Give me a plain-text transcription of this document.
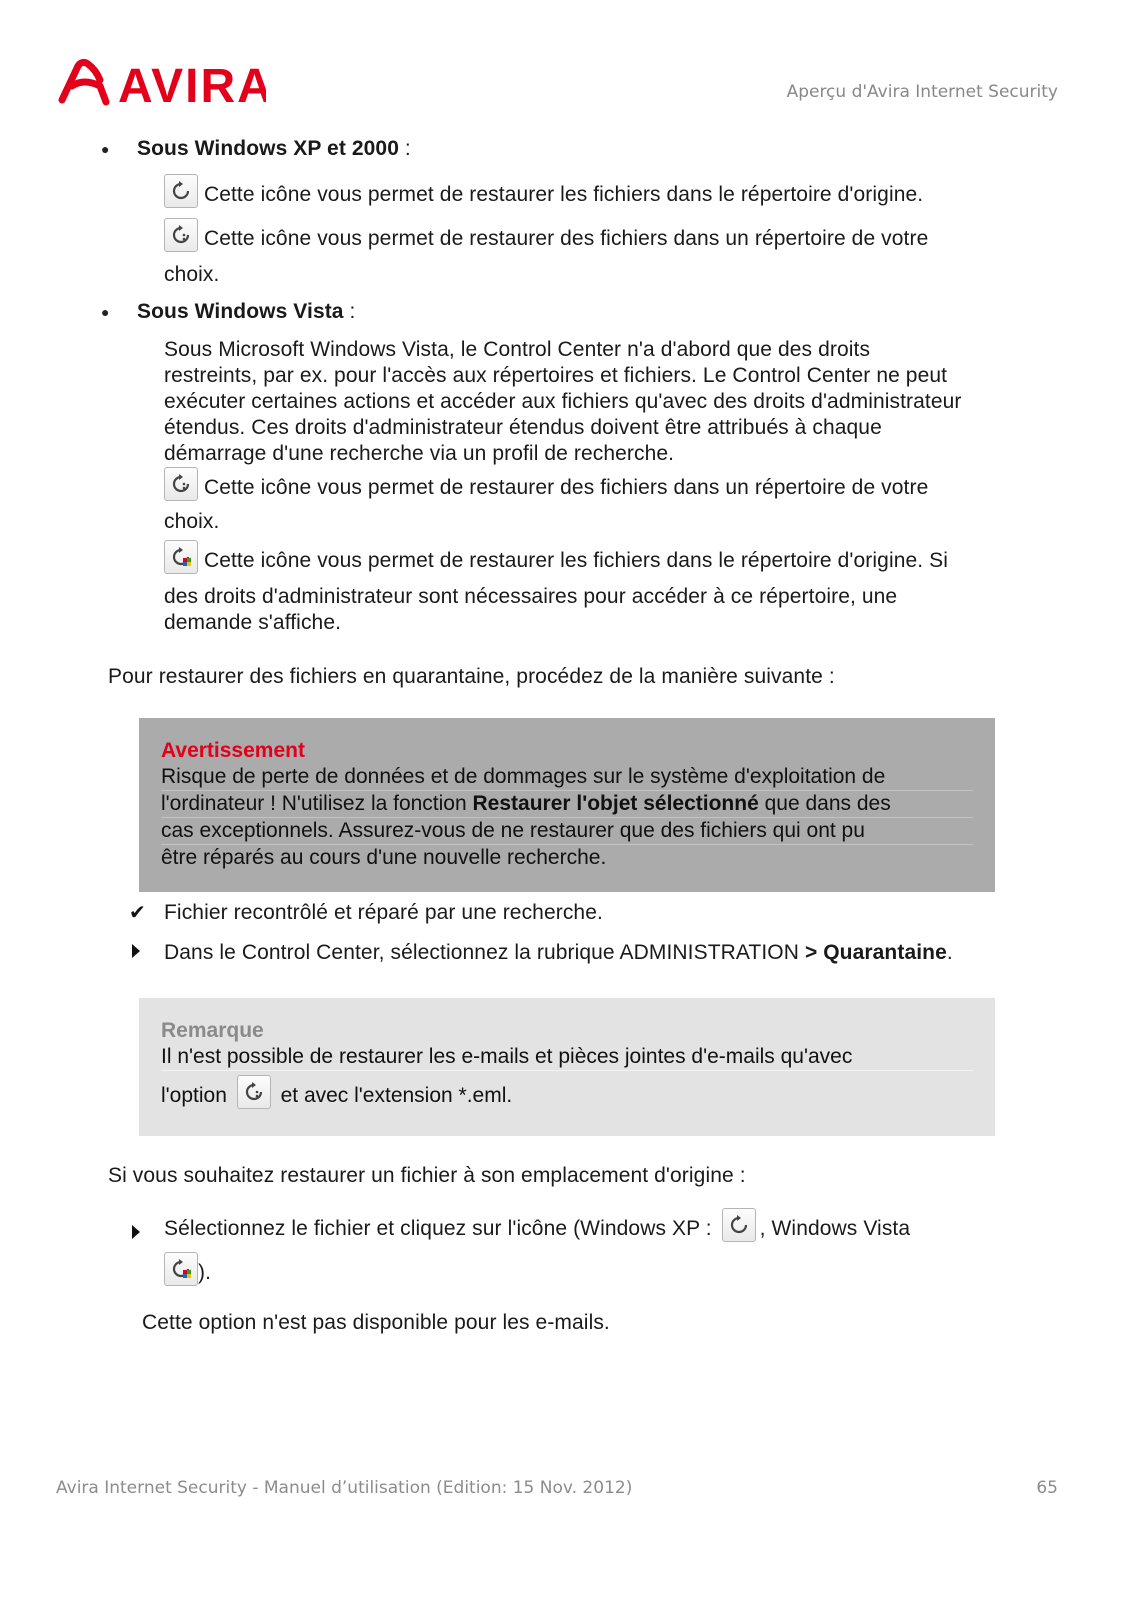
AVIRA	Aperçu d'Avira Internet Security
● Sous Windows XP et 2000 :
Cette icône vous permet de restaurer les fichiers dans le répertoire d'origine.
Cette icône vous permet de restaurer des fichiers dans un répertoire de votre
choix.
● Sous Windows Vista :
Sous Microsoft Windows Vista, le Control Center n'a d'abord que des droits
restreints, par ex. pour l'accès aux répertoires et fichiers. Le Control Center ne peut
exécuter certaines actions et accéder aux fichiers qu'avec des droits d'administrateur
étendus. Ces droits d'administrateur étendus doivent être attribués à chaque
démarrage d'une recherche via un profil de recherche.
Cette icône vous permet de restaurer des fichiers dans un répertoire de votre
choix.
Cette icône vous permet de restaurer les fichiers dans le répertoire d'origine. Si
des droits d'administrateur sont nécessaires pour accéder à ce répertoire, une
demande s'affiche.
Pour restaurer des fichiers en quarantaine, procédez de la manière suivante :
Avertissement
Risque de perte de données et de dommages sur le système d'exploitation de
l'ordinateur ! N'utilisez la fonction Restaurer l'objet sélectionné que dans des
cas exceptionnels. Assurez-vous de ne restaurer que des fichiers qui ont pu
être réparés au cours d'une nouvelle recherche.
✔ Fichier recontrôlé et réparé par une recherche.
Dans le Control Center, sélectionnez la rubrique ADMINISTRATION > Quarantaine.
Remarque
Il n'est possible de restaurer les e-mails et pièces jointes d'e-mails qu'avec
l'option	et avec l'extension *.eml.
Si vous souhaitez restaurer un fichier à son emplacement d'origine :
Sélectionnez le fichier et cliquez sur l'icône (Windows XP : , Windows Vista
).
Cette option n'est pas disponible pour les e-mails.
Avira Internet Security - Manuel d’utilisation (Edition: 15 Nov. 2012)	65
